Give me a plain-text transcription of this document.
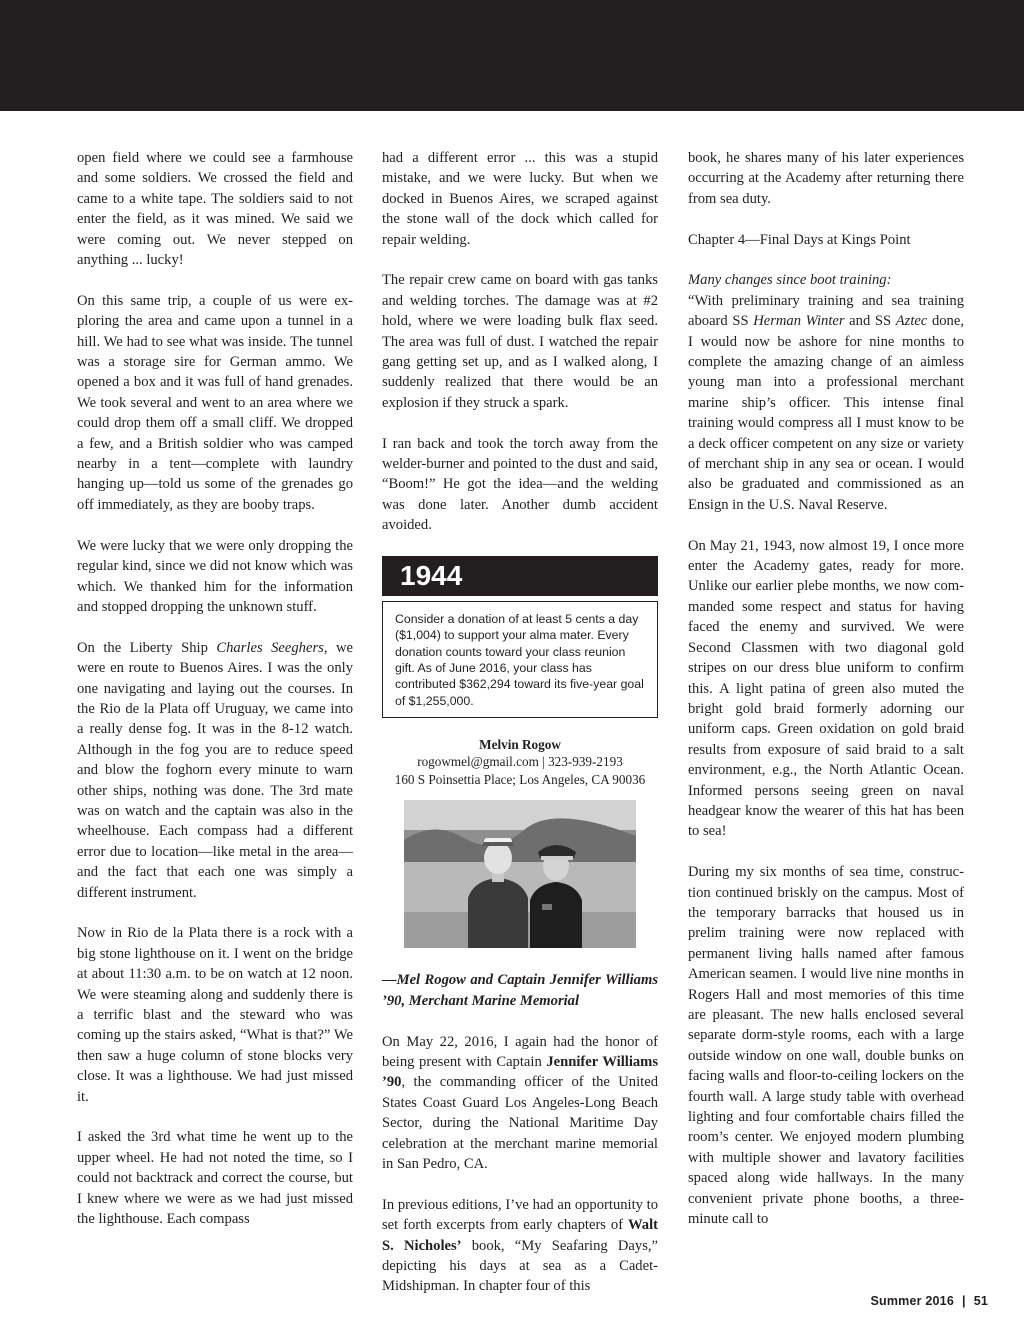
open field where we could see a farmhouse and some soldiers. We crossed the field and came to a white tape. The soldiers said to not enter the field, as it was mined. We said we were coming out. We never stepped on anything ... lucky!

On this same trip, a couple of us were exploring the area and came upon a tunnel in a hill. We had to see what was inside. The tunnel was a storage sire for German ammo. We opened a box and it was full of hand grenades. We took several and went to an area where we could drop them off a small cliff. We dropped a few, and a British soldier who was camped nearby in a tent—complete with laundry hanging up—told us some of the grenades go off immediately, as they are booby traps.

We were lucky that we were only dropping the regular kind, since we did not know which was which. We thanked him for the information and stopped dropping the unknown stuff.

On the Liberty Ship Charles Seeghers, we were en route to Buenos Aires. I was the only one navigating and laying out the courses. In the Rio de la Plata off Uruguay, we came into a really dense fog. It was in the 8-12 watch. Although in the fog you are to reduce speed and blow the foghorn every minute to warn other ships, nothing was done. The 3rd mate was on watch and the captain was also in the wheelhouse. Each compass had a different error due to location—like metal in the area—and the fact that each one was simply a different instrument.

Now in Rio de la Plata there is a rock with a big stone lighthouse on it. I went on the bridge at about 11:30 a.m. to be on watch at 12 noon. We were steaming along and suddenly there is a terrific blast and the steward who was coming up the stairs asked, “What is that?” We then saw a huge column of stone blocks very close. It was a lighthouse. We had just missed it.

I asked the 3rd what time he went up to the upper wheel. He had not noted the time, so I could not backtrack and correct the course, but I knew where we were as we had just missed the lighthouse. Each compass

had a different error ... this was a stupid mistake, and we were lucky. But when we docked in Buenos Aires, we scraped against the stone wall of the dock which called for repair welding.

The repair crew came on board with gas tanks and welding torches. The damage was at #2 hold, where we were loading bulk flax seed. The area was full of dust. I watched the repair gang getting set up, and as I walked along, I suddenly realized that there would be an explosion if they struck a spark.

I ran back and took the torch away from the welder-burner and pointed to the dust and said, “Boom!” He got the idea—and the welding was done later. Another dumb accident avoided.

1944
Consider a donation of at least 5 cents a day ($1,004) to support your alma mater. Every donation counts toward your class reunion gift. As of June 2016, your class has contributed $362,294 toward its five-year goal of $1,255,000.
Melvin Rogow
rogowmel@gmail.com | 323-939-2193
160 S Poinsettia Place; Los Angeles, CA 90036

—Mel Rogow and Captain Jennifer Williams ’90, Merchant Marine Memorial

On May 22, 2016, I again had the honor of being present with Captain Jennifer Williams ’90, the commanding officer of the United States Coast Guard Los Angeles-Long Beach Sector, during the National Maritime Day celebration at the merchant marine memorial in San Pedro, CA.

In previous editions, I’ve had an opportunity to set forth excerpts from early chapters of Walt S. Nicholes’ book, “My Seafaring Days,” depicting his days at sea as a Cadet-Midshipman. In chapter four of this

book, he shares many of his later experiences occurring at the Academy after returning there from sea duty.

Chapter 4—Final Days at Kings Point

Many changes since boot training:
“With preliminary training and sea training aboard SS Herman Winter and SS Aztec done, I would now be ashore for nine months to complete the amazing change of an aimless young man into a professional merchant marine ship’s officer. This intense final training would compress all I must know to be a deck officer competent on any size or variety of merchant ship in any sea or ocean. I would also be graduated and commissioned as an Ensign in the U.S. Naval Reserve.

On May 21, 1943, now almost 19, I once more enter the Academy gates, ready for more. Unlike our earlier plebe months, we now commanded some respect and status for having faced the enemy and survived. We were Second Classmen with two diagonal gold stripes on our dress blue uniform to confirm this. A light patina of green also muted the bright gold braid formerly adorning our uniform caps. Green oxidation on gold braid results from exposure of said braid to a salt environment, e.g., the North Atlantic Ocean. Informed persons seeing green on naval headgear know the wearer of this hat has been to sea!

During my six months of sea time, construction continued briskly on the campus. Most of the temporary barracks that housed us in prelim training were now replaced with permanent living halls named after famous American seamen. I would live nine months in Rogers Hall and most memories of this time are pleasant. The new halls enclosed several separate dorm-style rooms, each with a large outside window on one wall, double bunks on facing walls and floor-to-ceiling lockers on the fourth wall. A large study table with overhead lighting and four comfortable chairs filled the room’s center. We enjoyed modern plumbing with multiple shower and lavatory facilities spaced along wide hallways. In the many convenient private phone booths, a three-minute call to

Summer 2016 | 51
